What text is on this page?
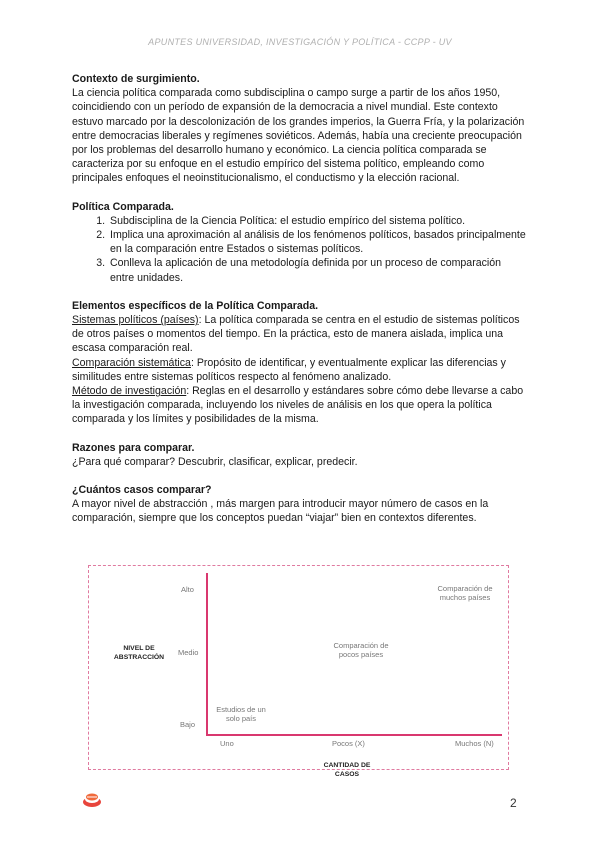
APUNTES UNIVERSIDAD, INVESTIGACIÓN Y POLÍTICA - CCPP - UV

Contexto de surgimiento.

La ciencia política comparada como subdisciplina o campo surge a partir de los años 1950, coincidiendo con un período de expansión de la democracia a nivel mundial. Este contexto estuvo marcado por la descolonización de los grandes imperios, la Guerra Fría, y la polarización entre democracias liberales y regímenes soviéticos. Además, había una creciente preocupación por los problemas del desarrollo humano y económico. La ciencia política comparada se caracteriza por su enfoque en el estudio empírico del sistema político, empleando como principales enfoques el neoinstitucionalismo, el conductismo y la elección racional.

Política Comparada.

1. Subdisciplina de la Ciencia Política: el estudio empírico del sistema político.
2. Implica una aproximación al análisis de los fenómenos políticos, basados principalmente en la comparación entre Estados o sistemas políticos.
3. Conlleva la aplicación de una metodología definida por un proceso de comparación entre unidades.

Elementos específicos de la Política Comparada.

Sistemas políticos (países): La política comparada se centra en el estudio de sistemas políticos de otros países o momentos del tiempo. En la práctica, esto de manera aislada, implica una escasa comparación real.

Comparación sistemática: Propósito de identificar, y eventualmente explicar las diferencias y similitudes entre sistemas políticos respecto al fenómeno analizado.

Método de investigación: Reglas en el desarrollo y estándares sobre cómo debe llevarse a cabo la investigación comparada, incluyendo los niveles de análisis en los que opera la política comparada y los límites y posibilidades de la misma.

Razones para comparar.

¿Para qué comparar? Descubrir, clasificar, explicar, predecir.

¿Cuántos casos comparar?

A mayor nivel de abstracción , más margen para introducir mayor número de casos en la comparación, siempre que los conceptos puedan “viajar” bien en contextos diferentes.

NIVEL DE ABSTRACCIÓN
Alto
Medio
Bajo
Uno	Pocos (X)	Muchos (N)
CANTIDAD DE CASOS
Comparación de muchos países
Comparación de pocos países
Estudios de un solo país
2
